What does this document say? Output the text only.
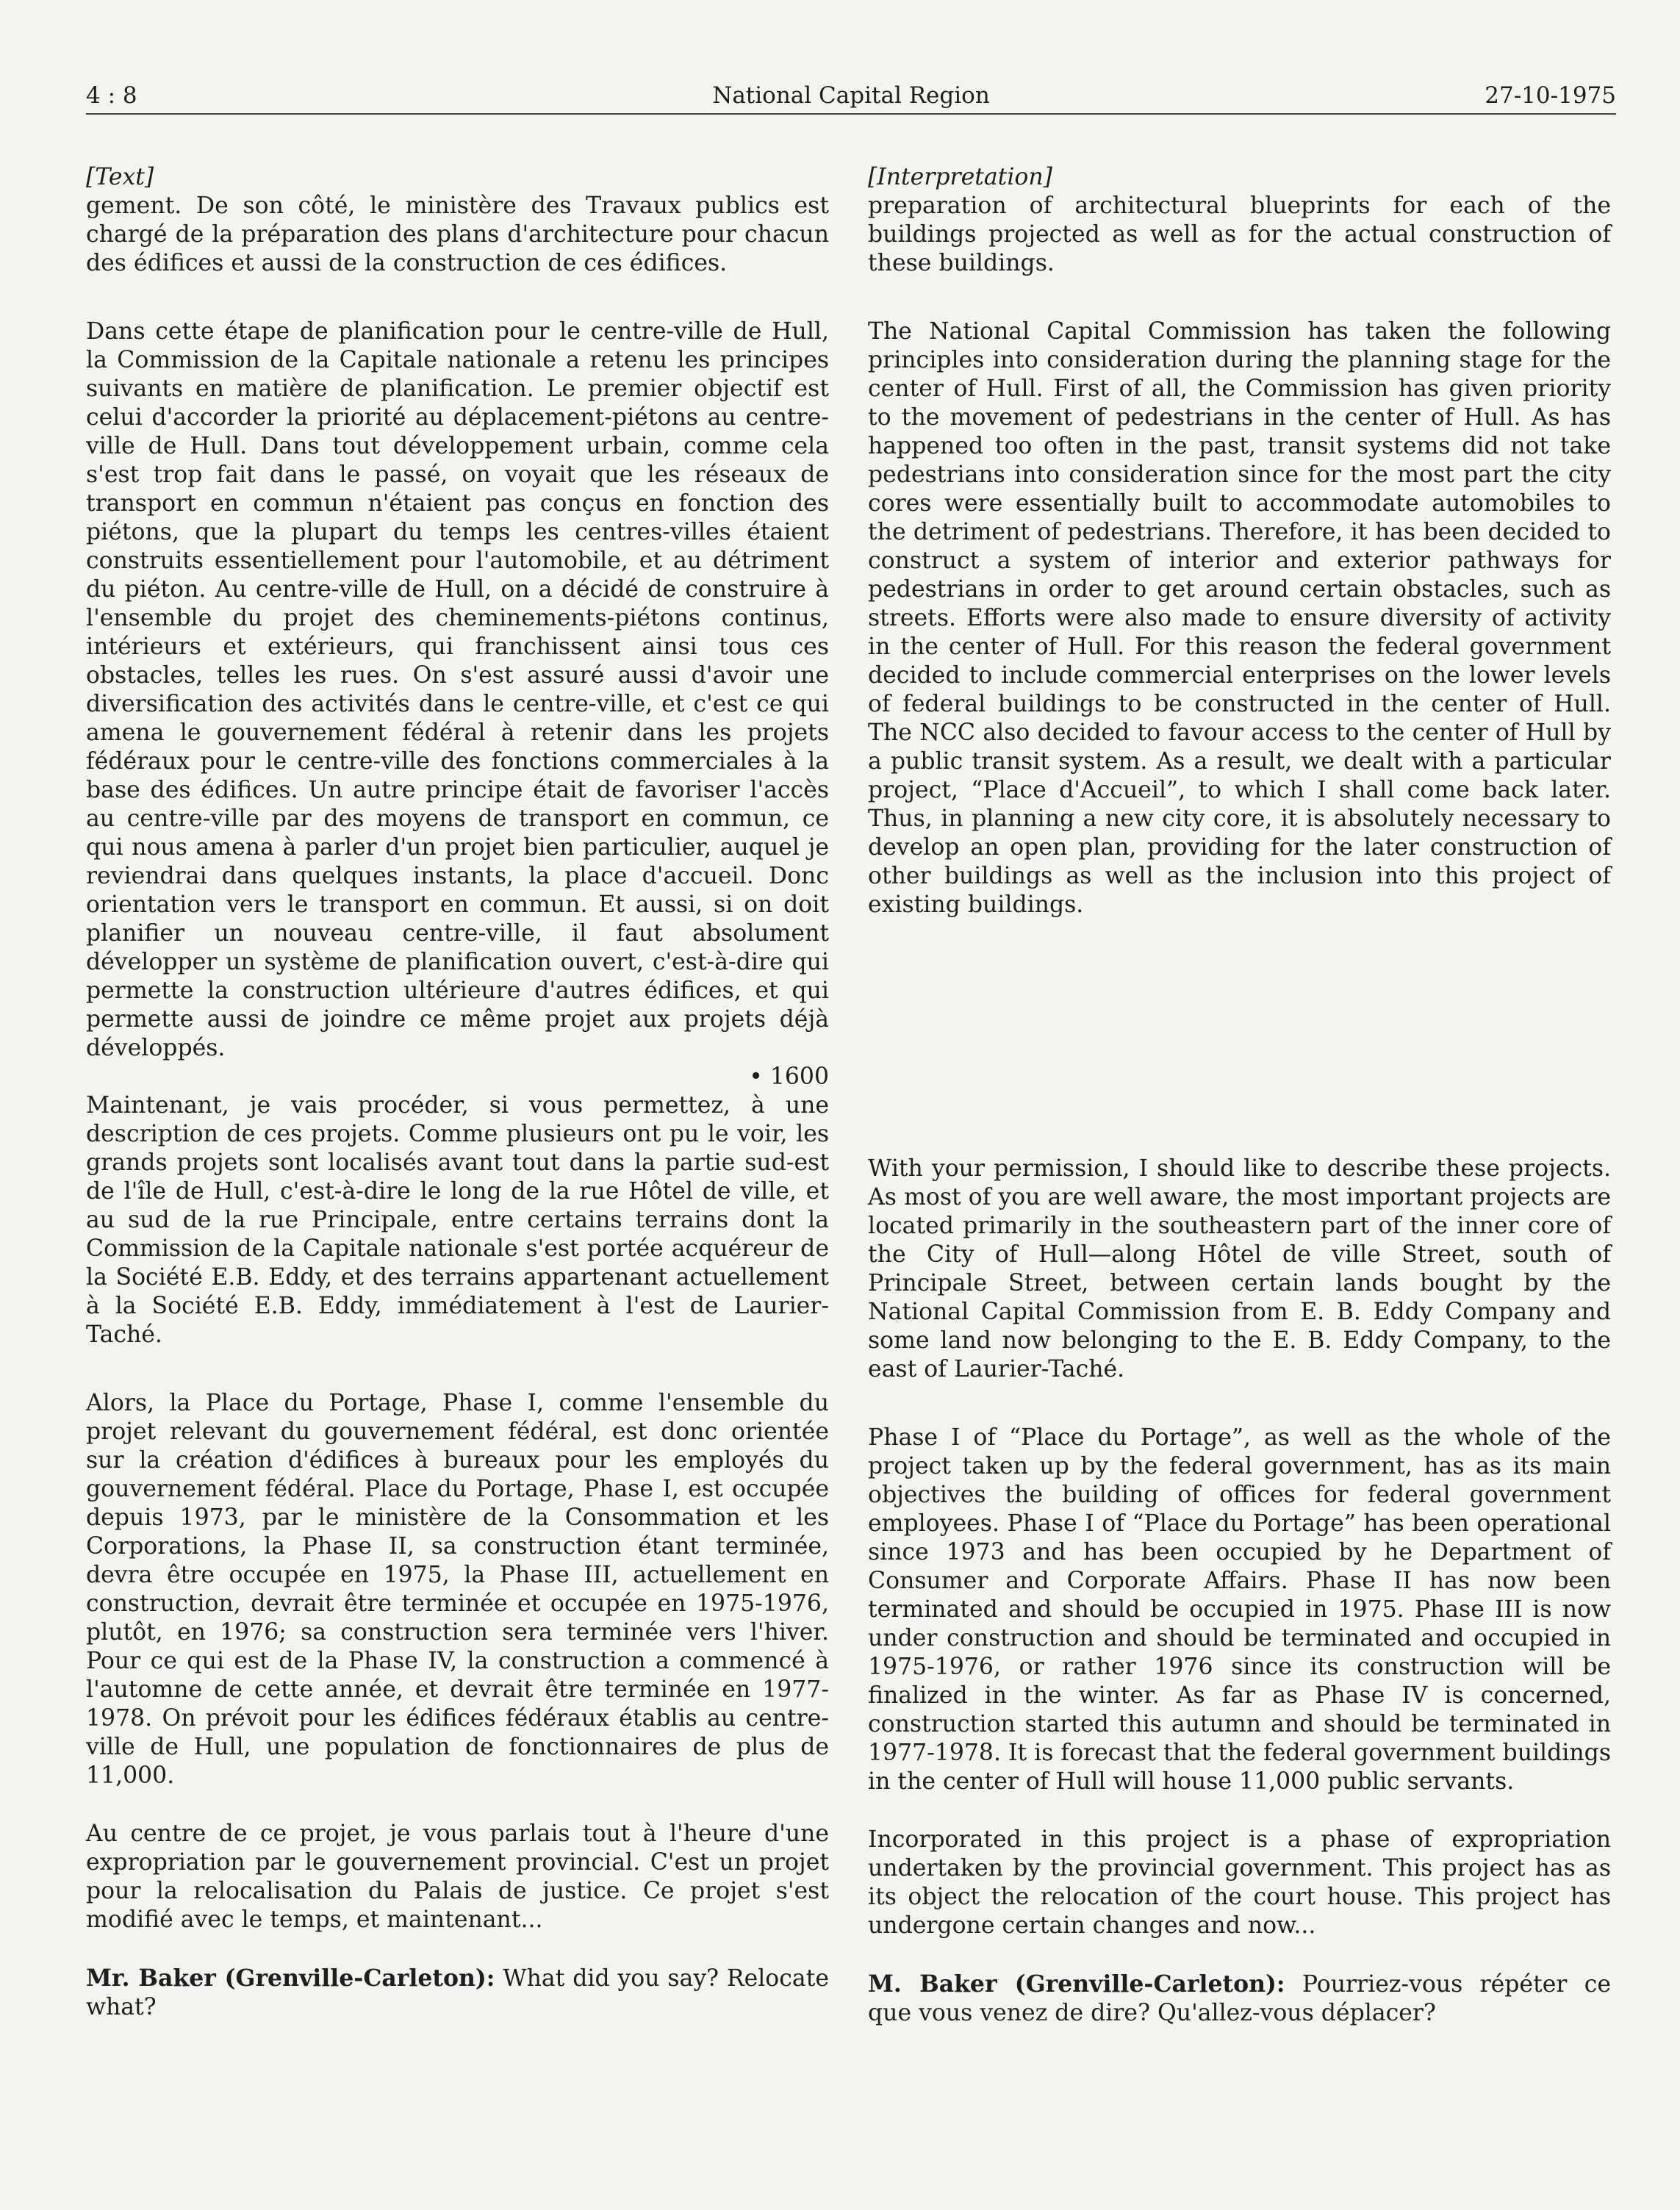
4 : 8	National Capital Region	27-10-1975

[Text]

gement. De son côté, le ministère des Travaux publics est chargé de la préparation des plans d'architecture pour chacun des édifices et aussi de la construction de ces édifices.

Dans cette étape de planification pour le centre-ville de Hull, la Commission de la Capitale nationale a retenu les principes suivants en matière de planification. Le premier objectif est celui d'accorder la priorité au déplacement-piétons au centre-ville de Hull. Dans tout développement urbain, comme cela s'est trop fait dans le passé, on voyait que les réseaux de transport en commun n'étaient pas conçus en fonction des piétons, que la plupart du temps les centres-villes étaient construits essentiellement pour l'automobile, et au détriment du piéton. Au centre-ville de Hull, on a décidé de construire à l'ensemble du projet des cheminements-piétons continus, intérieurs et extérieurs, qui franchissent ainsi tous ces obstacles, telles les rues. On s'est assuré aussi d'avoir une diversification des activités dans le centre-ville, et c'est ce qui amena le gouvernement fédéral à retenir dans les projets fédéraux pour le centre-ville des fonctions commerciales à la base des édifices. Un autre principe était de favoriser l'accès au centre-ville par des moyens de transport en commun, ce qui nous amena à parler d'un projet bien particulier, auquel je reviendrai dans quelques instants, la place d'accueil. Donc orientation vers le transport en commun. Et aussi, si on doit planifier un nouveau centre-ville, il faut absolument développer un système de planification ouvert, c'est-à-dire qui permette la construction ultérieure d'autres édifices, et qui permette aussi de joindre ce même projet aux projets déjà développés.

• 1600

Maintenant, je vais procéder, si vous permettez, à une description de ces projets. Comme plusieurs ont pu le voir, les grands projets sont localisés avant tout dans la partie sud-est de l'île de Hull, c'est-à-dire le long de la rue Hôtel de ville, et au sud de la rue Principale, entre certains terrains dont la Commission de la Capitale nationale s'est portée acquéreur de la Société E.B. Eddy, et des terrains appartenant actuellement à la Société E.B. Eddy, immédiatement à l'est de Laurier-Taché.

Alors, la Place du Portage, Phase I, comme l'ensemble du projet relevant du gouvernement fédéral, est donc orientée sur la création d'édifices à bureaux pour les employés du gouvernement fédéral. Place du Portage, Phase I, est occupée depuis 1973, par le ministère de la Consommation et les Corporations, la Phase II, sa construction étant terminée, devra être occupée en 1975, la Phase III, actuellement en construction, devrait être terminée et occupée en 1975-1976, plutôt, en 1976; sa construction sera terminée vers l'hiver. Pour ce qui est de la Phase IV, la construction a commencé à l'automne de cette année, et devrait être terminée en 1977-1978. On prévoit pour les édifices fédéraux établis au centre-ville de Hull, une population de fonctionnaires de plus de 11,000.

Au centre de ce projet, je vous parlais tout à l'heure d'une expropriation par le gouvernement provincial. C'est un projet pour la relocalisation du Palais de justice. Ce projet s'est modifié avec le temps, et maintenant...

Mr. Baker (Grenville-Carleton): What did you say? Relocate what?

[Interpretation]

preparation of architectural blueprints for each of the buildings projected as well as for the actual construction of these buildings.

The National Capital Commission has taken the following principles into consideration during the planning stage for the center of Hull. First of all, the Commission has given priority to the movement of pedestrians in the center of Hull. As has happened too often in the past, transit systems did not take pedestrians into consideration since for the most part the city cores were essentially built to accommodate automobiles to the detriment of pedestrians. Therefore, it has been decided to construct a system of interior and exterior pathways for pedestrians in order to get around certain obstacles, such as streets. Efforts were also made to ensure diversity of activity in the center of Hull. For this reason the federal government decided to include commercial enterprises on the lower levels of federal buildings to be constructed in the center of Hull. The NCC also decided to favour access to the center of Hull by a public transit system. As a result, we dealt with a particular project, “Place d'Accueil”, to which I shall come back later. Thus, in planning a new city core, it is absolutely necessary to develop an open plan, providing for the later construction of other buildings as well as the inclusion into this project of existing buildings.

With your permission, I should like to describe these projects. As most of you are well aware, the most important projects are located primarily in the southeastern part of the inner core of the City of Hull—along Hôtel de ville Street, south of Principale Street, between certain lands bought by the National Capital Commission from E. B. Eddy Company and some land now belonging to the E. B. Eddy Company, to the east of Laurier-Taché.

Phase I of “Place du Portage”, as well as the whole of the project taken up by the federal government, has as its main objectives the building of offices for federal government employees. Phase I of “Place du Portage” has been operational since 1973 and has been occupied by he Department of Consumer and Corporate Affairs. Phase II has now been terminated and should be occupied in 1975. Phase III is now under construction and should be terminated and occupied in 1975-1976, or rather 1976 since its construction will be finalized in the winter. As far as Phase IV is concerned, construction started this autumn and should be terminated in 1977-1978. It is forecast that the federal government buildings in the center of Hull will house 11,000 public servants.

Incorporated in this project is a phase of expropriation undertaken by the provincial government. This project has as its object the relocation of the court house. This project has undergone certain changes and now...

M. Baker (Grenville-Carleton): Pourriez-vous répéter ce que vous venez de dire? Qu'allez-vous déplacer?
